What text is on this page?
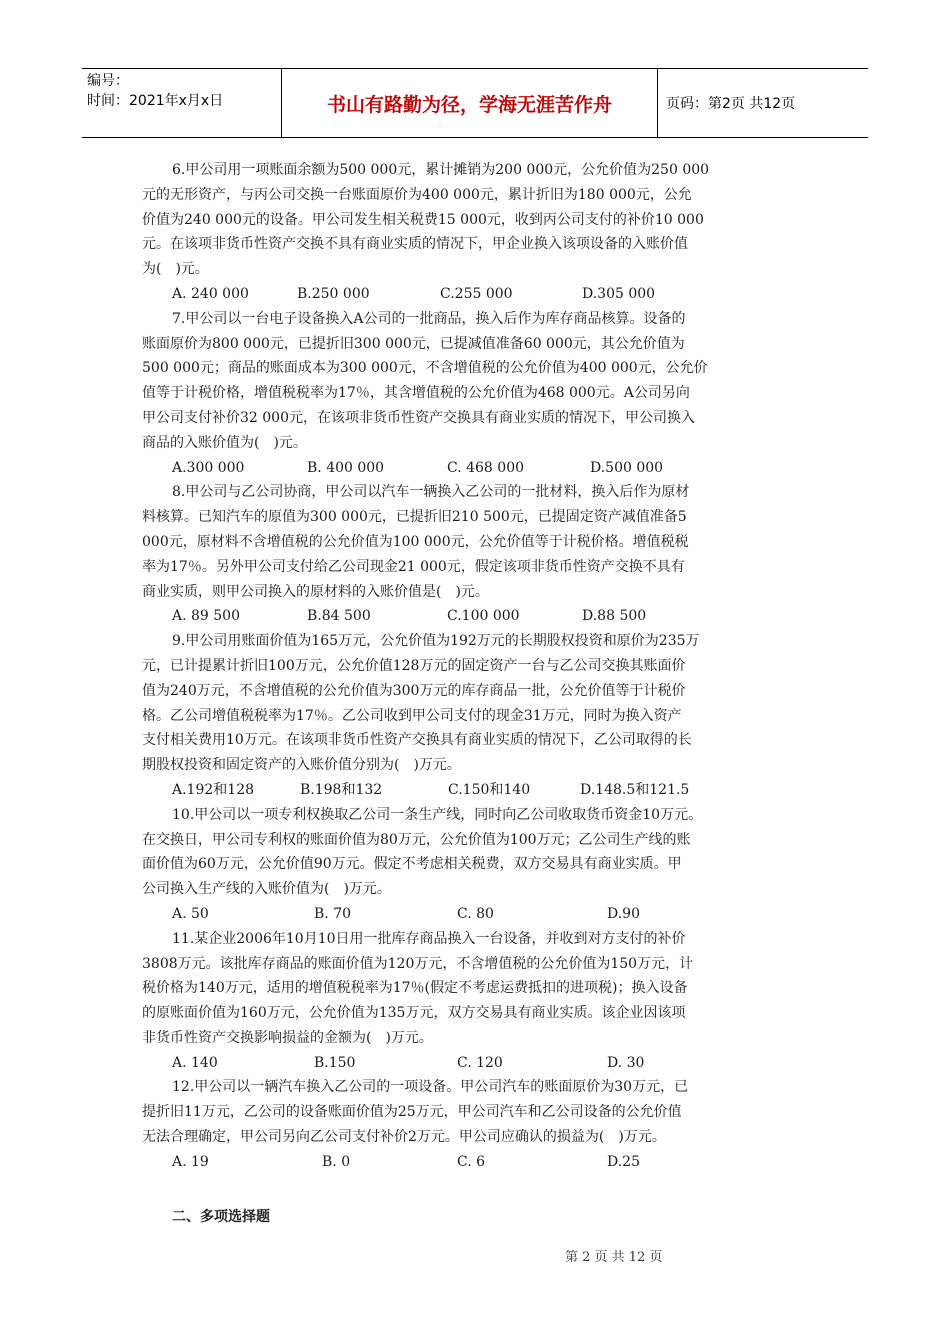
编号：
时间：2021年x月x日	书山有路勤为径，学海无涯苦作舟	页码：第2页 共12页
6.甲公司用一项账面余额为500 000元，累计摊销为200 000元，公允价值为250 000
元的无形资产，与丙公司交换一台账面原价为400 000元，累计折旧为180 000元，公允
价值为240 000元的设备。甲公司发生相关税费15 000元，收到丙公司支付的补价10 000
元。在该项非货币性资产交换不具有商业实质的情况下，甲企业换入该项设备的入账价值
为(　)元。
A. 240 000	B.250 000	C.255 000	D.305 000
7.甲公司以一台电子设备换入A公司的一批商品，换入后作为库存商品核算。设备的
账面原价为800 000元，已提折旧300 000元，已提减值准备60 000元，其公允价值为
500 000元；商品的账面成本为300 000元，不含增值税的公允价值为400 000元，公允价
值等于计税价格，增值税税率为17％，其含增值税的公允价值为468 000元。A公司另向
甲公司支付补价32 000元，在该项非货币性资产交换具有商业实质的情况下，甲公司换入
商品的入账价值为(　)元。
A.300 000	B. 400 000	C. 468 000	D.500 000
8.甲公司与乙公司协商，甲公司以汽车一辆换入乙公司的一批材料，换入后作为原材
料核算。已知汽车的原值为300 000元，已提折旧210 500元，已提固定资产减值准备5
000元，原材料不含增值税的公允价值为100 000元，公允价值等于计税价格。增值税税
率为17％。另外甲公司支付给乙公司现金21 000元，假定该项非货币性资产交换不具有
商业实质，则甲公司换入的原材料的入账价值是(　)元。
A. 89 500	B.84 500	C.100 000	D.88 500
9.甲公司用账面价值为165万元，公允价值为192万元的长期股权投资和原价为235万
元，已计提累计折旧100万元，公允价值128万元的固定资产一台与乙公司交换其账面价
值为240万元，不含增值税的公允价值为300万元的库存商品一批，公允价值等于计税价
格。乙公司增值税税率为17％。乙公司收到甲公司支付的现金31万元，同时为换入资产
支付相关费用10万元。在该项非货币性资产交换具有商业实质的情况下，乙公司取得的长
期股权投资和固定资产的入账价值分别为(　)万元。
A.192和128	B.198和132	C.150和140	D.148.5和121.5
10.甲公司以一项专利权换取乙公司一条生产线，同时向乙公司收取货币资金10万元。
在交换日，甲公司专利权的账面价值为80万元，公允价值为100万元；乙公司生产线的账
面价值为60万元，公允价值90万元。假定不考虑相关税费，双方交易具有商业实质。甲
公司换入生产线的入账价值为(　)万元。
A. 50	B. 70	C. 80	D.90
11.某企业2006年10月10日用一批库存商品换入一台设备，并收到对方支付的补价
3808万元。该批库存商品的账面价值为120万元，不含增值税的公允价值为150万元，计
税价格为140万元，适用的增值税税率为17％(假定不考虑运费抵扣的进项税)；换入设备
的原账面价值为160万元，公允价值为135万元，双方交易具有商业实质。该企业因该项
非货币性资产交换影响损益的金额为(　)万元。
A. 140	B.150	C. 120	D. 30
12.甲公司以一辆汽车换入乙公司的一项设备。甲公司汽车的账面原价为30万元，已
提折旧11万元，乙公司的设备账面价值为25万元，甲公司汽车和乙公司设备的公允价值
无法合理确定，甲公司另向乙公司支付补价2万元。甲公司应确认的损益为(　)万元。
A. 19	B. 0	C. 6	D.25
二、多项选择题
第 2 页 共 12 页
